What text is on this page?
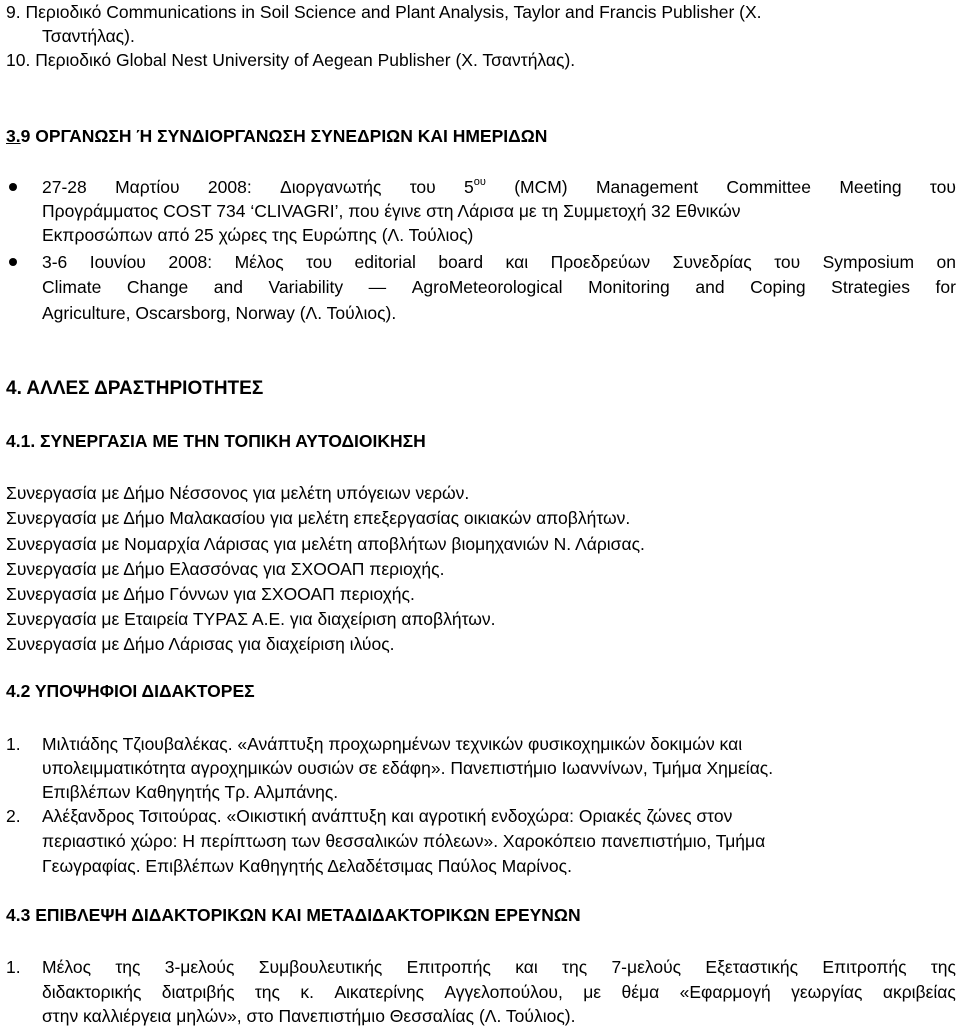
9. Περιοδικό Communications in Soil Science and Plant Analysis, Taylor and Francis Publisher (Χ.
Τσαντήλας).
10. Περιοδικό Global Nest University of Aegean Publisher (Χ. Τσαντήλας).
3.9 ΟΡΓΑΝΩΣΗ Ή ΣΥΝΔΙΟΡΓΑΝΩΣΗ ΣΥΝΕΔΡΙΩΝ ΚΑΙ ΗΜΕΡΙΔΩΝ
27-28 Μαρτίου 2008: Διοργανωτής του $5^{o\upsilon}$ (MCM) Management Committee Meeting του
Προγράμματος COST 734 ‘CLIVAGRI’, που έγινε στη Λάρισα με τη Συμμετοχή 32 Εθνικών
Εκπροσώπων από 25 χώρες της Ευρώπης (Λ. Τούλιος)
3-6 Ιουνίου 2008: Μέλος του editorial board και Προεδρεύων Συνεδρίας του Symposium on
Climate Change and Variability — AgroMeteorological Monitoring and Coping Strategies for
Agriculture, Oscarsborg, Norway (Λ. Τούλιος).
4. ΑΛΛΕΣ ΔΡΑΣΤΗΡΙΟΤΗΤΕΣ
4.1. ΣΥΝΕΡΓΑΣΙΑ ΜΕ ΤΗΝ ΤΟΠΙΚΗ ΑΥΤΟΔΙΟΙΚΗΣΗ
Συνεργασία με Δήμο Νέσσονος για μελέτη υπόγειων νερών.
Συνεργασία με Δήμο Μαλακασίου για μελέτη επεξεργασίας οικιακών αποβλήτων.
Συνεργασία με Νομαρχία Λάρισας για μελέτη αποβλήτων βιομηχανιών Ν. Λάρισας.
Συνεργασία με Δήμο Ελασσόνας για ΣΧΟΟΑΠ περιοχής.
Συνεργασία με Δήμο Γόννων για ΣΧΟΟΑΠ περιοχής.
Συνεργασία με Εταιρεία ΤΥΡΑΣ Α.Ε. για διαχείριση αποβλήτων.
Συνεργασία με Δήμο Λάρισας για διαχείριση ιλύος.
4.2 ΥΠΟΨΗΦΙΟΙ ΔΙΔΑΚΤΟΡΕΣ
1. Μιλτιάδης Τζιουβαλέκας. «Ανάπτυξη προχωρημένων τεχνικών φυσικοχημικών δοκιμών και
υπολειμματικότητα αγροχημικών ουσιών σε εδάφη». Πανεπιστήμιο Ιωαννίνων, Τμήμα Χημείας.
Επιβλέπων Καθηγητής Τρ. Αλμπάνης.
2. Αλέξανδρος Τσιτούρας. «Οικιστική ανάπτυξη και αγροτική ενδοχώρα: Οριακές ζώνες στον
περιαστικό χώρο: Η περίπτωση των θεσσαλικών πόλεων». Χαροκόπειο πανεπιστήμιο, Τμήμα
Γεωγραφίας. Επιβλέπων Καθηγητής Δελαδέτσιμας Παύλος Μαρίνος.
4.3 ΕΠΙΒΛΕΨΗ ΔΙΔΑΚΤΟΡΙΚΩΝ ΚΑΙ ΜΕΤΑΔΙΔΑΚΤΟΡΙΚΩΝ ΕΡΕΥΝΩΝ
1. Μέλος της 3-μελούς Συμβουλευτικής Επιτροπής και της 7-μελούς Εξεταστικής Επιτροπής της
διδακτορικής διατριβής της κ. Αικατερίνης Αγγελοπούλου, με θέμα «Εφαρμογή γεωργίας ακριβείας
στην καλλιέργεια μηλών», στο Πανεπιστήμιο Θεσσαλίας (Λ. Τούλιος).
